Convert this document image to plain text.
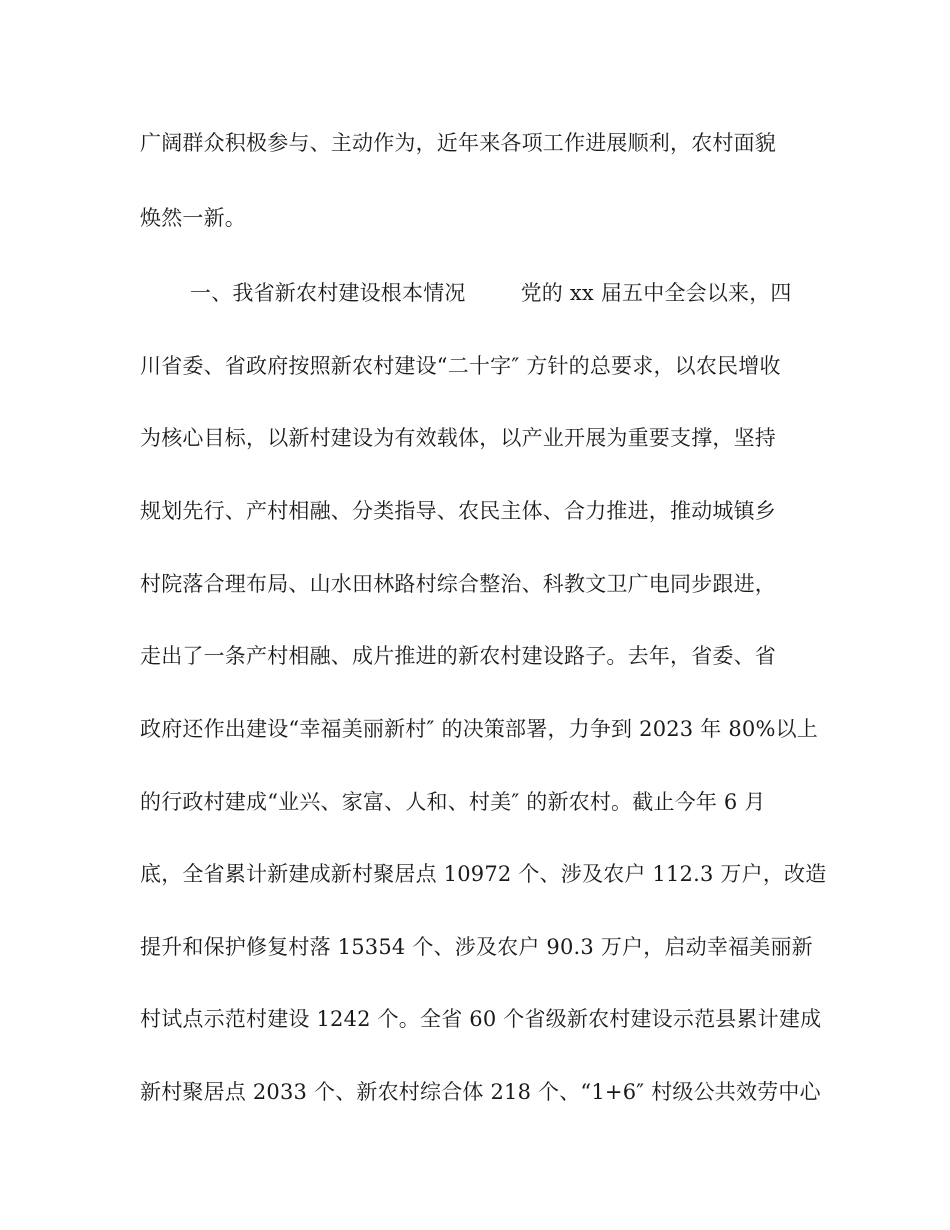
广阔群众积极参与、主动作为，近年来各项工作进展顺利，农村面貌
焕然一新。
一、我省新农村建设根本情况        党的 xx 届五中全会以来，四
川省委、省政府按照新农村建设“二十字″ 方针的总要求，以农民增收
为核心目标，以新村建设为有效载体，以产业开展为重要支撑，坚持
规划先行、产村相融、分类指导、农民主体、合力推进，推动城镇乡
村院落合理布局、山水田林路村综合整治、科教文卫广电同步跟进，
走出了一条产村相融、成片推进的新农村建设路子。去年，省委、省
政府还作出建设“幸福美丽新村″ 的决策部署，力争到 2023 年 80%以上
的行政村建成“业兴、家富、人和、村美″ 的新农村。截止今年 6 月
底，全省累计新建成新村聚居点 10972 个、涉及农户 112.3 万户，改造
提升和保护修复村落 15354 个、涉及农户 90.3 万户，启动幸福美丽新
村试点示范村建设 1242 个。全省 60 个省级新农村建设示范县累计建成
新村聚居点 2033 个、新农村综合体 218 个、“1+6″ 村级公共效劳中心
